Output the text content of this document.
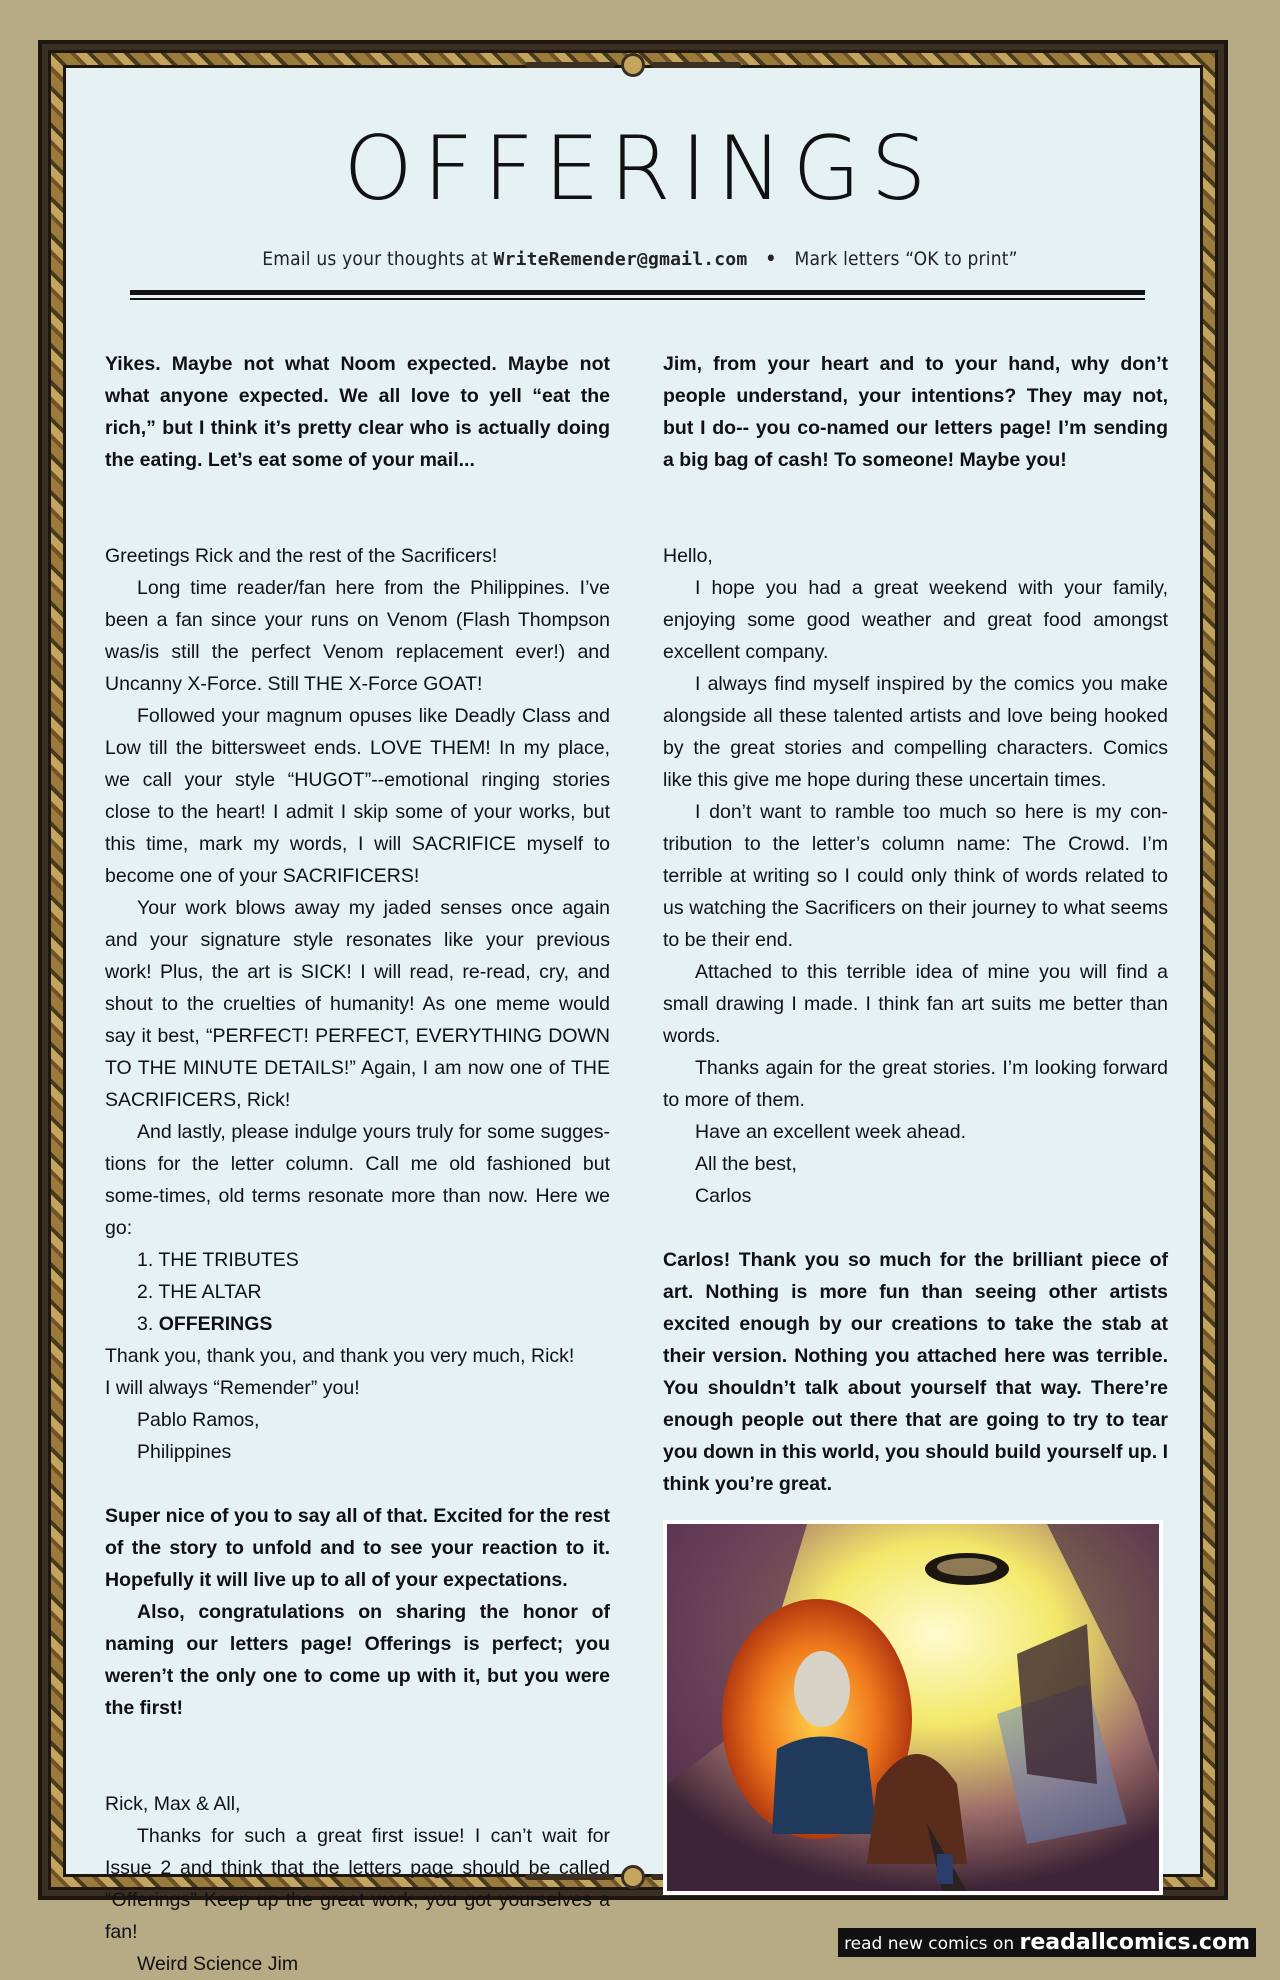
OFFERINGS
Email us your thoughts at WriteRemender@gmail.com • Mark letters “OK to print”

Yikes. Maybe not what Noom expected. Maybe not what anyone expected. We all love to yell “eat the rich,” but I think it’s pretty clear who is actually doing the eating. Let’s eat some of your mail...

Greetings Rick and the rest of the Sacrificers!

Long time reader/fan here from the Philippines. I’ve been a fan since your runs on Venom (Flash Thompson was/is still the perfect Venom replacement ever!) and Uncanny X-Force. Still THE X-Force GOAT!

Followed your magnum opuses like Deadly Class and Low till the bittersweet ends. LOVE THEM! In my place, we call your style “HUGOT”--emotional ringing stories close to the heart! I admit I skip some of your works, but this time, mark my words, I will SACRIFICE myself to become one of your SACRIFICERS!

Your work blows away my jaded senses once again and your signature style resonates like your previous work! Plus, the art is SICK! I will read, re-read, cry, and shout to the cruelties of humanity! As one meme would say it best, “PERFECT! PERFECT, EVERYTHING DOWN TO THE MINUTE DETAILS!” Again, I am now one of THE SACRIFICERS, Rick!

And lastly, please indulge yours truly for some sugges-tions for the letter column. Call me old fashioned but some-times, old terms resonate more than now. Here we go:

1. THE TRIBUTES

2. THE ALTAR

3. OFFERINGS

Thank you, thank you, and thank you very much, Rick!

I will always “Remender” you!

Pablo Ramos,

Philippines

Super nice of you to say all of that. Excited for the rest of the story to unfold and to see your reaction to it. Hopefully it will live up to all of your expectations.

Also, congratulations on sharing the honor of naming our letters page! Offerings is perfect; you weren’t the only one to come up with it, but you were the first!

Rick, Max & All,

Thanks for such a great first issue! I can’t wait for Issue 2 and think that the letters page should be called “Offerings” Keep up the great work, you got yourselves a fan!

Weird Science Jim

Jim, from your heart and to your hand, why don’t people understand, your intentions? They may not, but I do-- you co-named our letters page! I’m sending a big bag of cash! To someone! Maybe you!

Hello,

I hope you had a great weekend with your family, enjoying some good weather and great food amongst excellent company.

I always find myself inspired by the comics you make alongside all these talented artists and love being hooked by the great stories and compelling characters. Comics like this give me hope during these uncertain times.

I don’t want to ramble too much so here is my con-tribution to the letter’s column name: The Crowd. I’m terrible at writing so I could only think of words related to us watching the Sacrificers on their journey to what seems to be their end.

Attached to this terrible idea of mine you will find a small drawing I made. I think fan art suits me better than words.

Thanks again for the great stories. I’m looking forward to more of them.

Have an excellent week ahead.

All the best,

Carlos

Carlos! Thank you so much for the brilliant piece of art. Nothing is more fun than seeing other artists excited enough by our creations to take the stab at their version. Nothing you attached here was terrible. You shouldn’t talk about yourself that way. There’re enough people out there that are going to try to tear you down in this world, you should build yourself up. I think you’re great.

read new comics on readallcomics.com
